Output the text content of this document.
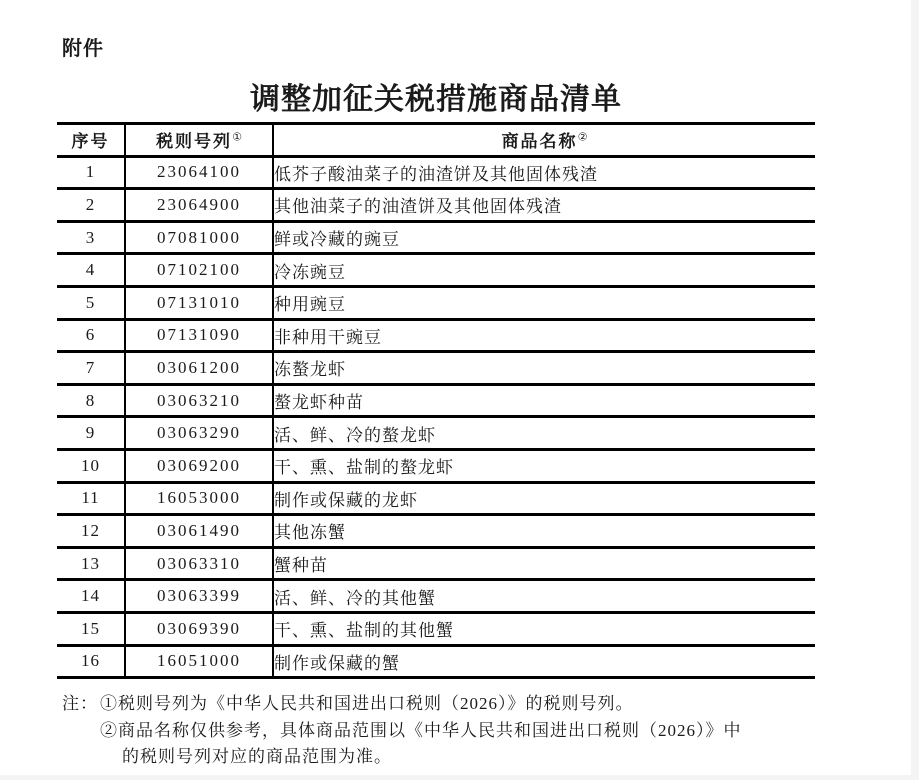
附件
调整加征关税措施商品清单
序号	税则号列①	商品名称②
1	23064100	低芥子酸油菜子的油渣饼及其他固体残渣
2	23064900	其他油菜子的油渣饼及其他固体残渣
3	07081000	鲜或冷藏的豌豆
4	07102100	冷冻豌豆
5	07131010	种用豌豆
6	07131090	非种用干豌豆
7	03061200	冻螯龙虾
8	03063210	螯龙虾种苗
9	03063290	活、鲜、冷的螯龙虾
10	03069200	干、熏、盐制的螯龙虾
11	16053000	制作或保藏的龙虾
12	03061490	其他冻蟹
13	03063310	蟹种苗
14	03063399	活、鲜、冷的其他蟹
15	03069390	干、熏、盐制的其他蟹
16	16051000	制作或保藏的蟹
注： ①税则号列为《中华人民共和国进出口税则（2026）》的税则号列。
②商品名称仅供参考，具体商品范围以《中华人民共和国进出口税则（2026）》中
的税则号列对应的商品范围为准。
